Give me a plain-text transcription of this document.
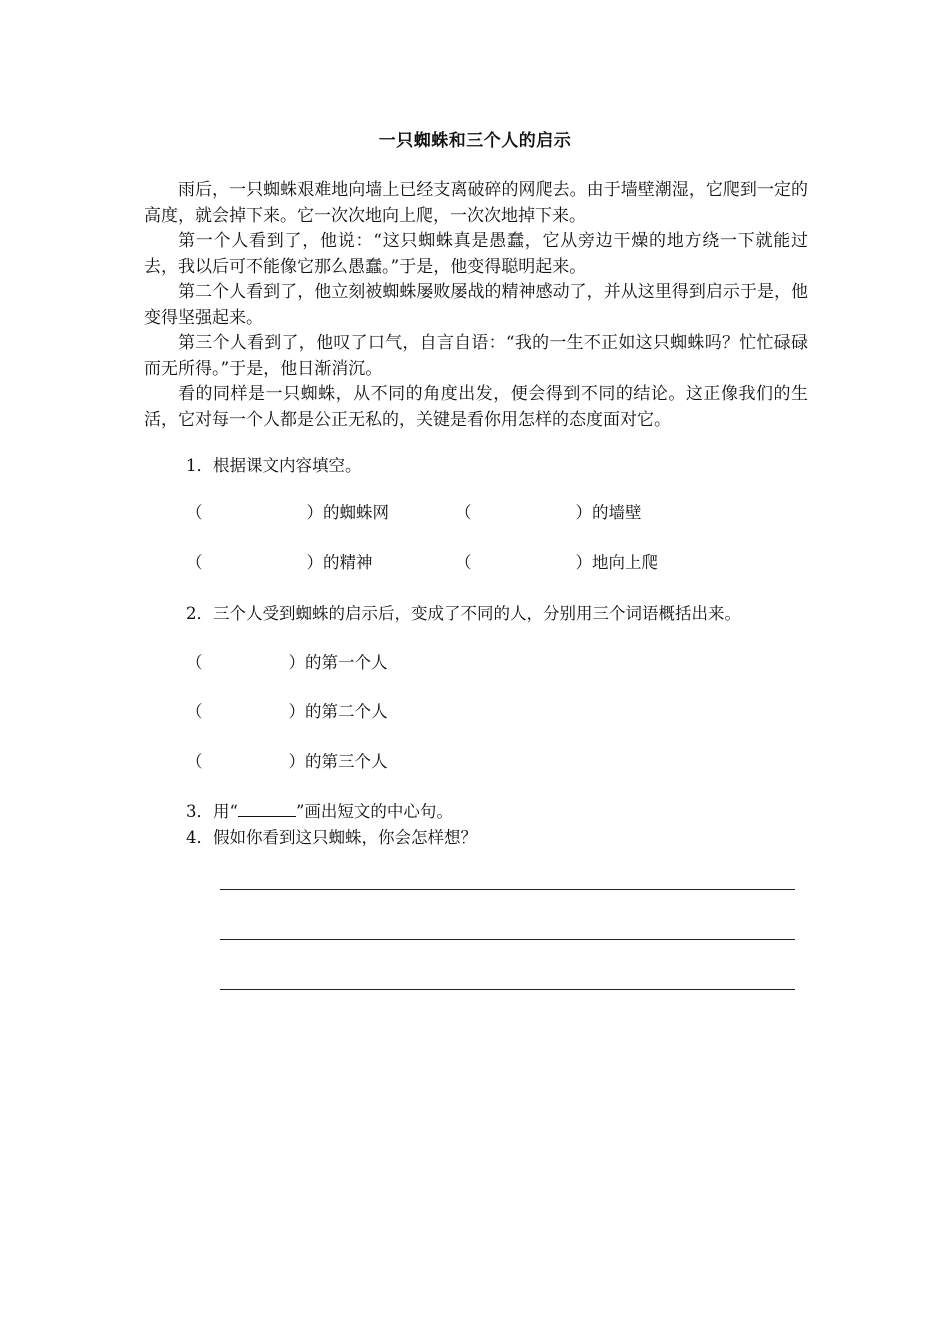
一只蜘蛛和三个人的启示

雨后，一只蜘蛛艰难地向墙上已经支离破碎的网爬去。由于墙壁潮湿，它爬到一定的高度，就会掉下来。它一次次地向上爬，一次次地掉下来。

第一个人看到了，他说：“这只蜘蛛真是愚蠢，它从旁边干燥的地方绕一下就能过去，我以后可不能像它那么愚蠢。”于是，他变得聪明起来。

第二个人看到了，他立刻被蜘蛛屡败屡战的精神感动了，并从这里得到启示于是，他变得坚强起来。

第三个人看到了，他叹了口气，自言自语：“我的一生不正如这只蜘蛛吗？忙忙碌碌而无所得。”于是，他日渐消沉。

看的同样是一只蜘蛛，从不同的角度出发，便会得到不同的结论。这正像我们的生活，它对每一个人都是公正无私的，关键是看你用怎样的态度面对它。

1．根据课文内容填空。
（	）的蜘蛛网	（	）的墙壁
（	）的精神	（	）地向上爬
2．三个人受到蜘蛛的启示后，变成了不同的人，分别用三个词语概括出来。
（	）的第一个人
（	）的第二个人
（	）的第三个人
3．用“	”画出短文的中心句。
4．假如你看到这只蜘蛛，你会怎样想？
